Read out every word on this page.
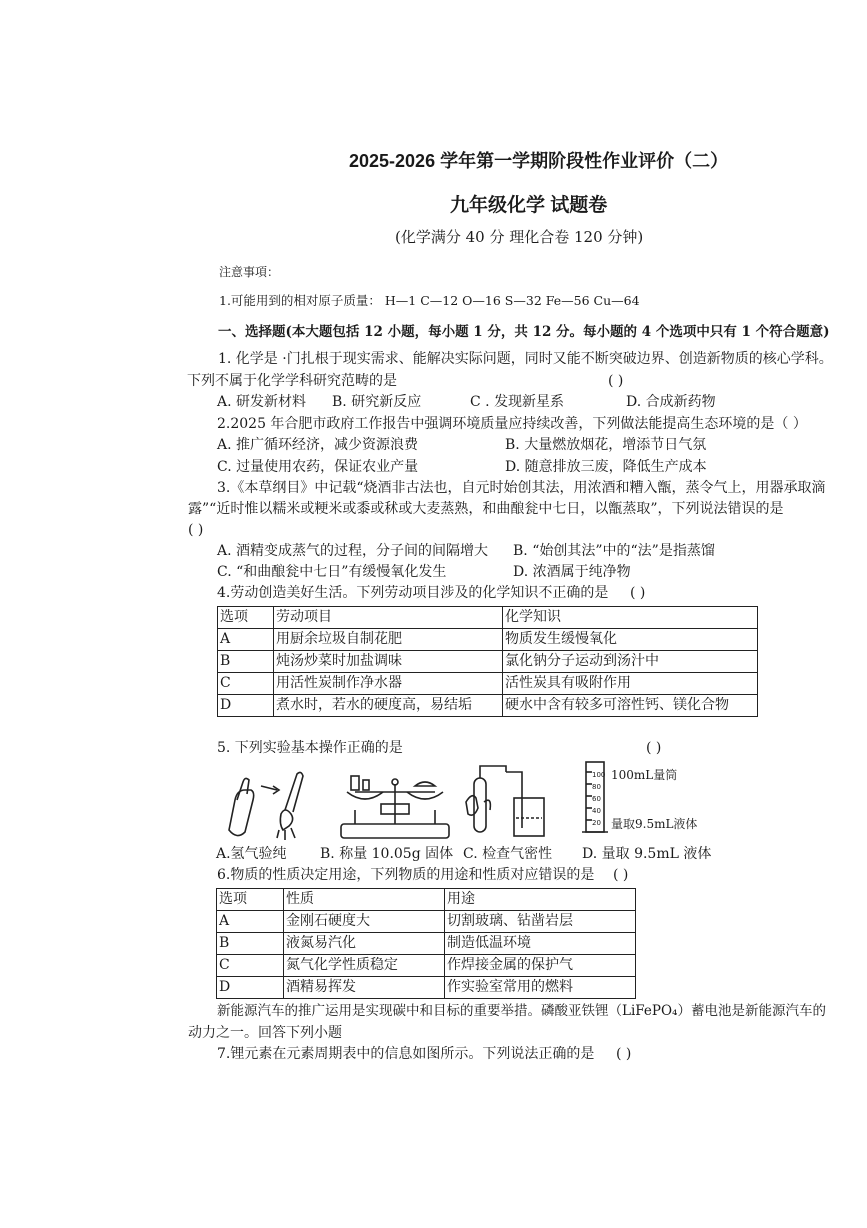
2025-2026 学年第一学期阶段性作业评价（二）
九年级化学 试题卷
(化学满分 40 分 理化合卷 120 分钟)
注意事項：
1.可能用到的相对原子质量： H—1 C—12 O—16 S—32 Fe—56 Cu—64
一、选择题(本大题包括 12 小题，每小题 1 分，共 12 分。每小题的 4 个选项中只有 1 个符合题意)
1. 化学是 ·门扎根于现实需求、能解决实际问题，同时又能不断突破边界、创造新物质的核心学科。
下列不属于化学学科研究范畴的是	( )
A. 研发新材料 B. 研究新反应	C . 发现新星系	D. 合成新药物
2.2025 年合肥市政府工作报告中强调环境质量应持续改善，下列做法能提高生态环境的是（ ）
A. 推广循环经济，减少资源浪费	B. 大量燃放烟花，增添节日气氛
C. 过量使用农药，保证农业产量	D. 随意排放三废，降低生产成本
3.《本草纲目》中记载“烧酒非古法也，自元时始创其法，用浓酒和糟入甑，蒸令气上，用器承取滴
露”“近时惟以糯米或粳米或黍或秫或大麦蒸熟，和曲酿瓮中七日，以甑蒸取”，下列说法错误的是
( )
A. 酒精变成蒸气的过程，分子间的间隔增大 B. “始创其法”中的“法”是指蒸馏
C. “和曲酿瓮中七日”有缓慢氧化发生	D. 浓酒属于纯净物
4.劳动创造美好生活。下列劳动项目涉及的化学知识不正确的是 ( )
选项	劳动项目	化学知识
A	用厨余垃圾自制花肥	物质发生缓慢氧化
B	炖汤炒菜时加盐调味	氯化钠分子运动到汤汁中
C	用活性炭制作净水器	活性炭具有吸附作用
D	煮水时，若水的硬度高，易结垢	硬水中含有较多可溶性钙、镁化合物
5. 下列实验基本操作正确的是	( )
100
80
60
40
20
100mL量筒
量取9.5mL液体
A.氢气验纯 B. 称量 10.05g 固体 C. 检查气密性 D. 量取 9.5mL 液体
6.物质的性质决定用途，下列物质的用途和性质对应错误的是 ( )
选项	性质	用途
A	金刚石硬度大	切割玻璃、钻凿岩层
B	液氮易汽化	制造低温环境
C	氮气化学性质稳定	作焊接金属的保护气
D	酒精易挥发	作实验室常用的燃料
新能源汽车的推广运用是实现碳中和目标的重要举措。磷酸亚铁锂（LiFePO₄）蓄电池是新能源汽车的
动力之一。回答下列小题
7.锂元素在元素周期表中的信息如图所示。下列说法正确的是 ( )
